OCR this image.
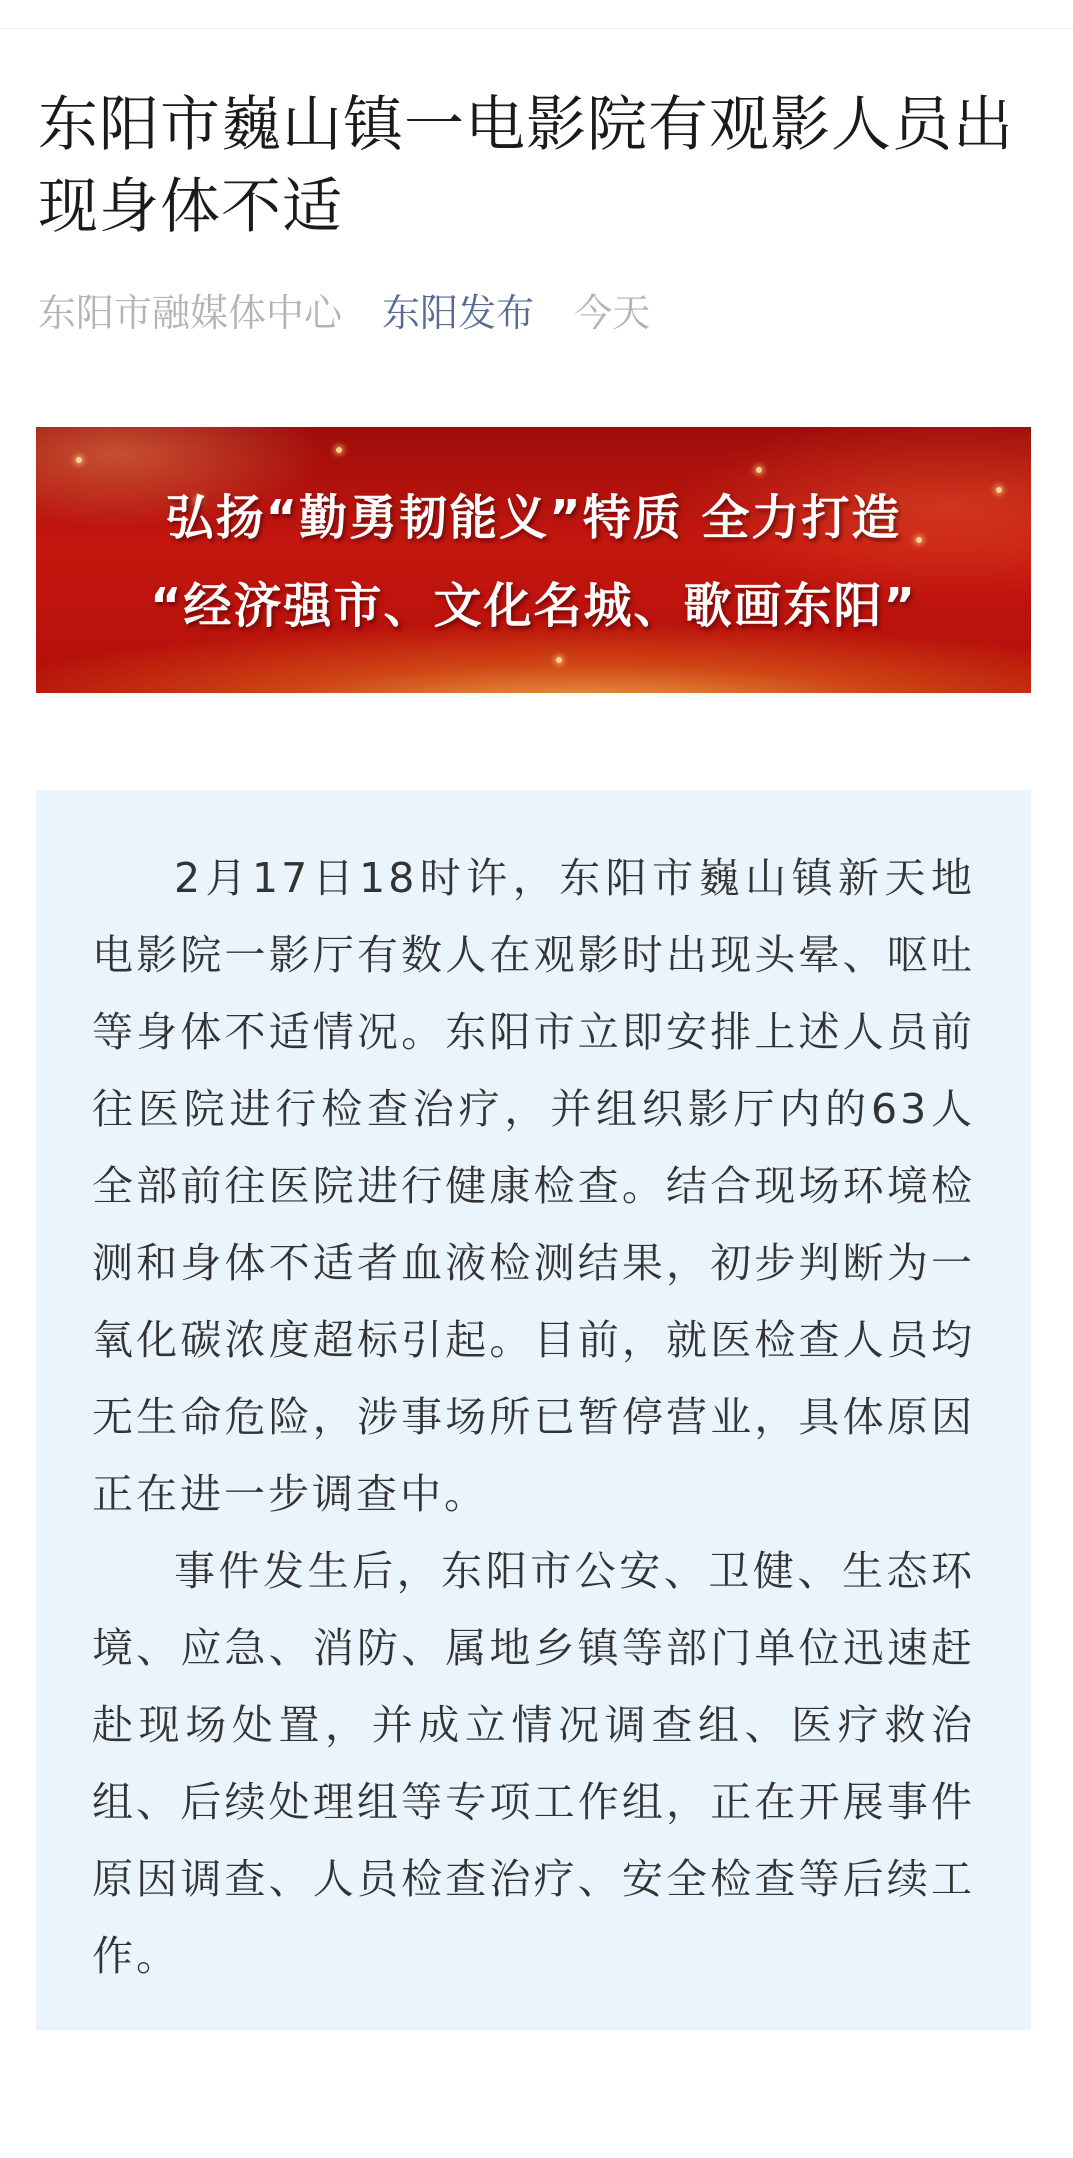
东阳市巍山镇一电影院有观影人员出现身体不适
东阳市融媒体中心 东阳发布 今天
弘扬“勤勇韧能义”特质 全力打造
“经济强市、文化名城、歌画东阳”

2月17日18时许，东阳市巍山镇新天地电影院一影厅有数人在观影时出现头晕、呕吐等身体不适情况。东阳市立即安排上述人员前往医院进行检查治疗，并组织影厅内的63人全部前往医院进行健康检查。结合现场环境检测和身体不适者血液检测结果，初步判断为一氧化碳浓度超标引起。目前，就医检查人员均无生命危险，涉事场所已暂停营业，具体原因正在进一步调查中。

事件发生后，东阳市公安、卫健、生态环境、应急、消防、属地乡镇等部门单位迅速赶赴现场处置，并成立情况调查组、医疗救治组、后续处理组等专项工作组，正在开展事件原因调查、人员检查治疗、安全检查等后续工作。
